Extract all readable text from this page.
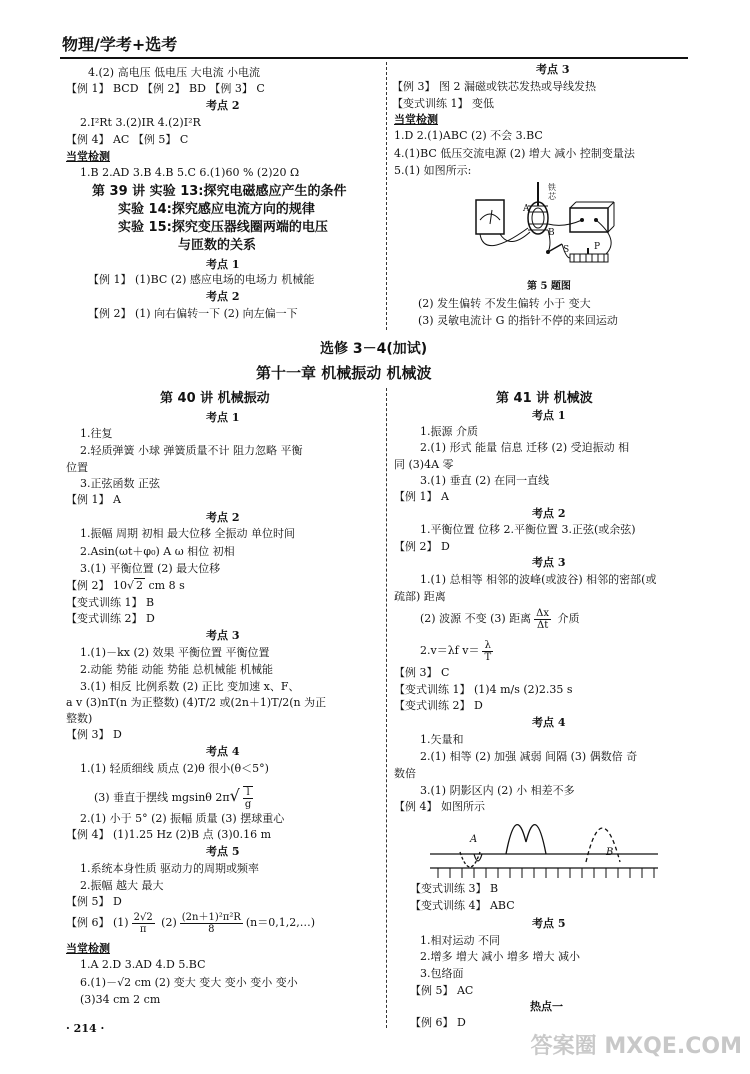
物理/学考+选考
4.(2) 高电压 低电压 大电流 小电流
【例 1】 BCD 【例 2】 BD 【例 3】 C
考点 2
2.I²Rt 3.(2)IR 4.(2)I²R
【例 4】 AC 【例 5】 C
当堂检测
1.B 2.AD 3.B 4.B 5.C 6.(1)60 % (2)20 Ω
第 39 讲 实验 13:探究电磁感应产生的条件
实验 14:探究感应电流方向的规律
实验 15:探究变压器线圈两端的电压
与匝数的关系
考点 1
【例 1】 (1)BC (2) 感应电场的电场力 机械能
考点 2
【例 2】 (1) 向右偏转一下 (2) 向左偏一下
考点 3
【例 3】 图 2 漏磁或铁芯发热或导线发热
【变式训练 1】 变低
当堂检测
1.D 2.(1)ABC (2) 不会 3.BC
4.(1)BC 低压交流电源 (2) 增大 减小 控制变量法
5.(1) 如图所示:
铁芯
A
B
S	P
第 5 题图
(2) 发生偏转 不发生偏转 小于 变大
(3) 灵敏电流计 G 的指针不停的来回运动
选修 3－4(加试)
第十一章 机械振动 机械波
第 40 讲 机械振动
考点 1
1.往复
2.轻质弹簧 小球 弹簧质量不计 阻力忽略 平衡
位置
3.正弦函数 正弦
【例 1】 A
考点 2
1.振幅 周期 初相 最大位移 全振动 单位时间
2.Asin(ωt＋φ₀) A ω 相位 初相
3.(1) 平衡位置 (2) 最大位移
【例 2】 10√ 2 cm 8 s
【变式训练 1】 B
【变式训练 2】 D
考点 3
1.(1)－kx (2) 效果 平衡位置 平衡位置
2.动能 势能 动能 势能 总机械能 机械能
3.(1) 相反 比例系数 (2) 正比 变加速 x、F、
a v (3)nT(n 为正整数) (4)T/2 或(2n＋1)T/2(n 为正
整数)
【例 3】 D
考点 4
1.(1) 轻质细线 质点 (2)θ 很小(θ＜5°)
(3) 垂直于摆线 mgsinθ $2\pi√ \frac{l}{g}$
2.(1) 小于 5° (2) 振幅 质量 (3) 摆球重心
【例 4】 (1)1.25 Hz (2)B 点 (3)0.16 m
考点 5
1.系统本身性质 驱动力的周期或频率
2.振幅 越大 最大
【例 5】 D
【例 6】 $(1) \frac{2√2}{\pi} (2) \frac{\text{(2n＋1)²π²R}}{8}$ (n＝0,1,2,…)
当堂检测
1.A 2.D 3.AD 4.D 5.BC
6.(1)－√2 cm (2) 变大 变大 变小 变小 变小
(3)34 cm 2 cm
· 214 ·
第 41 讲 机械波
考点 1
1.振源 介质
2.(1) 形式 能量 信息 迁移 (2) 受迫振动 相
同 (3)4A 零
3.(1) 垂直 (2) 在同一直线
【例 1】 A
考点 2
1.平衡位置 位移 2.平衡位置 3.正弦(或余弦)
【例 2】 D
考点 3
1.(1) 总相等 相邻的波峰(或波谷) 相邻的密部(或
疏部) 距离
(2) 波源 不变 (3) 距离 $\frac{\Delta x}{\Delta t}$ 介质
2.v＝λf $v= \frac{\lambda}{T}$
【例 3】 C
【变式训练 1】 (1)4 m/s (2)2.35 s
【变式训练 2】 D
考点 4
1.矢量和
2.(1) 相等 (2) 加强 减弱 间隔 (3) 偶数倍 奇
数倍
3.(1) 阴影区内 (2) 小 相差不多
【例 4】 如图所示
A
B
【变式训练 3】 B
【变式训练 4】 ABC
考点 5
1.相对运动 不同
2.增多 增大 减小 增多 增大 减小
3.包络面
【例 5】 AC
热点一
【例 6】 D
答案圈 MXQE.COM
